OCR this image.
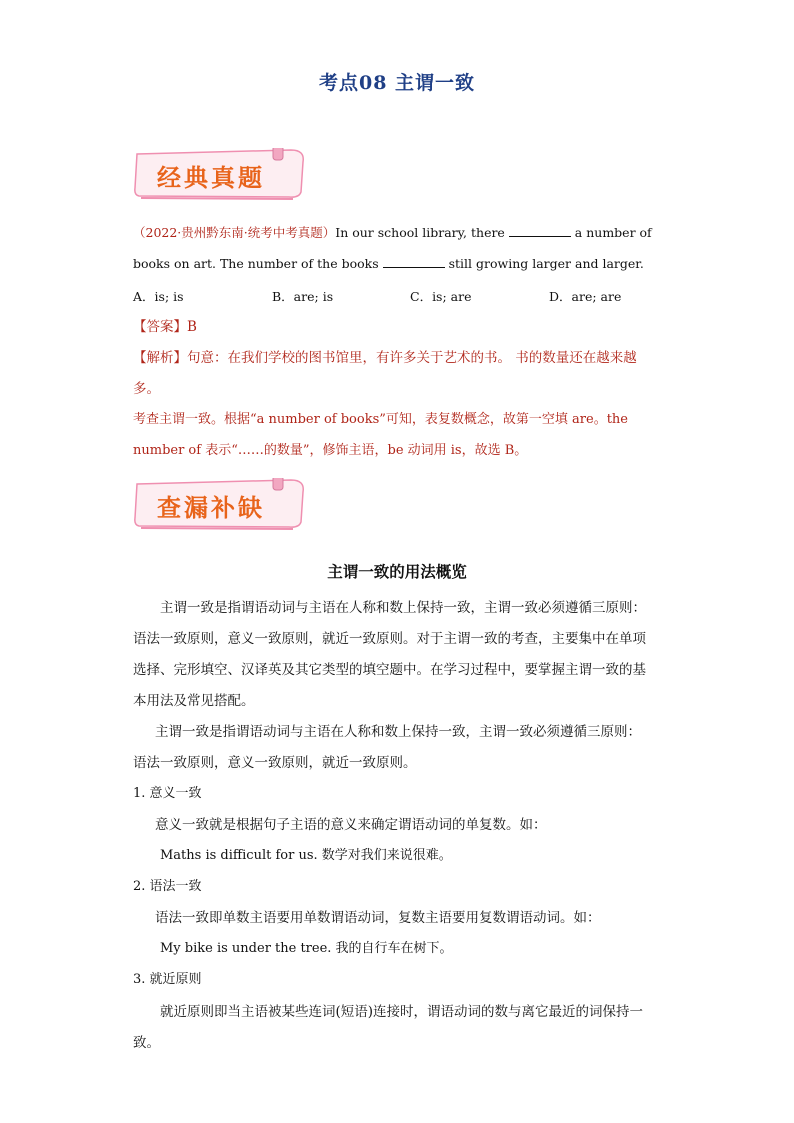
考点08 主谓一致
经典真题
（2022·贵州黔东南·统考中考真题）In our school library, there	a number of
books on art. The number of the books	still growing larger and larger.
A．is; is	B．are; is	C．is; are	D．are; are
【答案】B
【解析】句意：在我们学校的图书馆里，有许多关于艺术的书。 书的数量还在越来越
多。
考查主谓一致。根据“a number of books”可知，表复数概念，故第一空填 are。the
number of 表示“……的数量”，修饰主语，be 动词用 is，故选 B。
查漏补缺
主谓一致的用法概览
主谓一致是指谓语动词与主语在人称和数上保持一致，主谓一致必须遵循三原则：
语法一致原则，意义一致原则，就近一致原则。对于主谓一致的考查，主要集中在单项
选择、完形填空、汉译英及其它类型的填空题中。在学习过程中，要掌握主谓一致的基
本用法及常见搭配。
主谓一致是指谓语动词与主语在人称和数上保持一致，主谓一致必须遵循三原则：
语法一致原则，意义一致原则，就近一致原则。
1. 意义一致
意义一致就是根据句子主语的意义来确定谓语动词的单复数。如：
Maths is difficult for us. 数学对我们来说很难。
2. 语法一致
语法一致即单数主语要用单数谓语动词，复数主语要用复数谓语动词。如：
My bike is under the tree. 我的自行车在树下。
3. 就近原则
就近原则即当主语被某些连词(短语)连接时，谓语动词的数与离它最近的词保持一
致。
